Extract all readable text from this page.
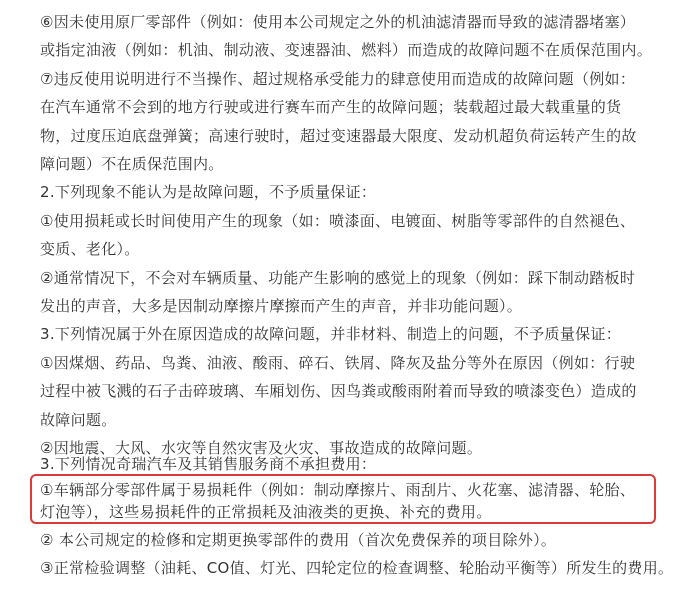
⑥因未使用原厂零部件（例如：使用本公司规定之外的机油滤清器而导致的滤清器堵塞）
或指定油液（例如：机油、制动液、变速器油、燃料）而造成的故障问题不在质保范围内。
⑦违反使用说明进行不当操作、超过规格承受能力的肆意使用而造成的故障问题（例如：
在汽车通常不会到的地方行驶或进行赛车而产生的故障问题；装载超过最大载重量的货
物，过度压迫底盘弹簧；高速行驶时，超过变速器最大限度、发动机超负荷运转产生的故
障问题）不在质保范围内。
2.下列现象不能认为是故障问题，不予质量保证：
①使用损耗或长时间使用产生的现象（如：喷漆面、电镀面、树脂等零部件的自然褪色、
变质、老化）。
②通常情况下，不会对车辆质量、功能产生影响的感觉上的现象（例如：踩下制动踏板时
发出的声音，大多是因制动摩擦片摩擦而产生的声音，并非功能问题）。
3.下列情况属于外在原因造成的故障问题，并非材料、制造上的问题，不予质量保证：
①因煤烟、药品、鸟粪、油液、酸雨、碎石、铁屑、降灰及盐分等外在原因（例如：行驶
过程中被飞溅的石子击碎玻璃、车厢划伤、因鸟粪或酸雨附着而导致的喷漆变色）造成的
故障问题。
②因地震、大风、水灾等自然灾害及火灾、事故造成的故障问题。
3.下列情况奇瑞汽车及其销售服务商不承担费用：
①车辆部分零部件属于易损耗件（例如：制动摩擦片、雨刮片、火花塞、滤清器、轮胎、
灯泡等），这些易损耗件的正常损耗及油液类的更换、补充的费用。
② 本公司规定的检修和定期更换零部件的费用（首次免费保养的项目除外）。
③正常检验调整（油耗、CO值、灯光、四轮定位的检查调整、轮胎动平衡等）所发生的费用。
